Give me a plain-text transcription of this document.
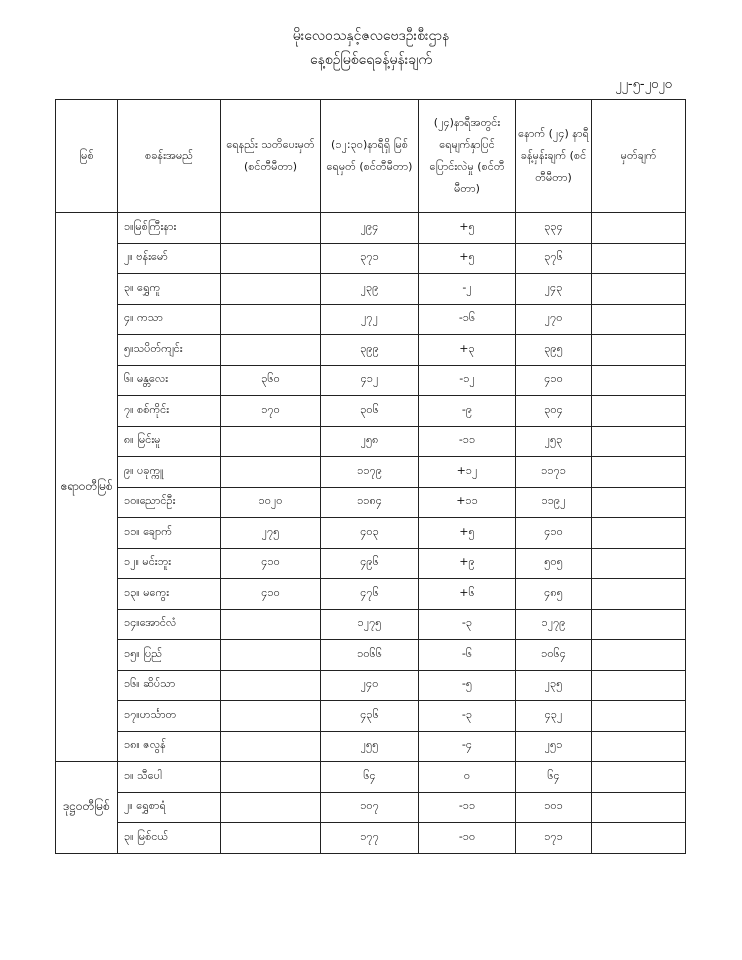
မိုးလေဝသနှင့်ဇလဗေဒဦးစီးဌာန
နေ့စဉ်မြစ်ရေခန့်မှန်းချက်
၂၂-၅-၂၀၂၀
မြစ်	စခန်းအမည်	ရေနည်း သတိပေးမှတ် (စင်တီမီတာ)	(၁၂:၃၀)နာရီရှိ မြစ်ရေမှတ် (စင်တီမီတာ)	(၂၄)နာရီအတွင်း ရေမျက်နှာပြင် ပြောင်းလဲမှု (စင်တီမီတာ)	နောက် (၂၄) နာရီ ခန့်မှန်းချက် (စင်တီမီတာ)	မှတ်ချက်
ဧရာဝတီမြစ်	၁။မြစ်ကြီးနား		၂၉၄	+၅	၃၃၄	
	၂။ ဗန်းမော်		၃၇၁	+၅	၃၇၆	
	၃။ ရွှေကူ		၂၃၉	-၂	၂၄၃	
	၄။ ကသာ		၂၇၂	-၁၆	၂၇၀	
	၅။သပိတ်ကျင်း		၃၉၉	+၃	၃၉၅	
	၆။ မန္တလေး	၃၆၀	၄၁၂	-၁၂	၄၁၀	
	၇။ စစ်ကိုင်း	၁၇၀	၃၀၆	-၉	၃၀၄	
	၈။ မြင်းမူ		၂၅၈	-၁၁	၂၅၃	
	၉။ ပခုက္ကူ		၁၁၇၉	+၁၂	၁၁၇၁	
	၁၀။ညောင်ဦး	၁၀၂၀	၁၁၈၄	+၁၁	၁၁၉၂	
	၁၁။ ချောက်	၂၇၅	၄၀၃	+၅	၄၁၀	
	၁၂။ မင်းဘူး	၄၁၀	၄၉၆	+၉	၅၀၅	
	၁၃။ မကွေး	၄၁၀	၄၇၆	+၆	၄၈၅	
	၁၄။အောင်လံ		၁၂၇၅	-၃	၁၂၇၉	
	၁၅။ ပြည်		၁၀၆၆	-၆	၁၀၆၄	
	၁၆။ ဆိပ်သာ		၂၄၀	-၅	၂၃၅	
	၁၇။ဟင်္သာတ		၄၃၆	-၃	၄၃၂	
	၁၈။ ဇလွန်		၂၅၅	-၄	၂၅၁	
ဒုဋ္ဌဝတီမြစ်	၁။ သီပေါ		၆၄	၀	၆၄	
	၂။ ရွှေစာရံ		၁၀၇	-၁၁	၁၀၁	
	၃။ မြစ်ငယ်		၁၇၇	-၁၀	၁၇၁	
